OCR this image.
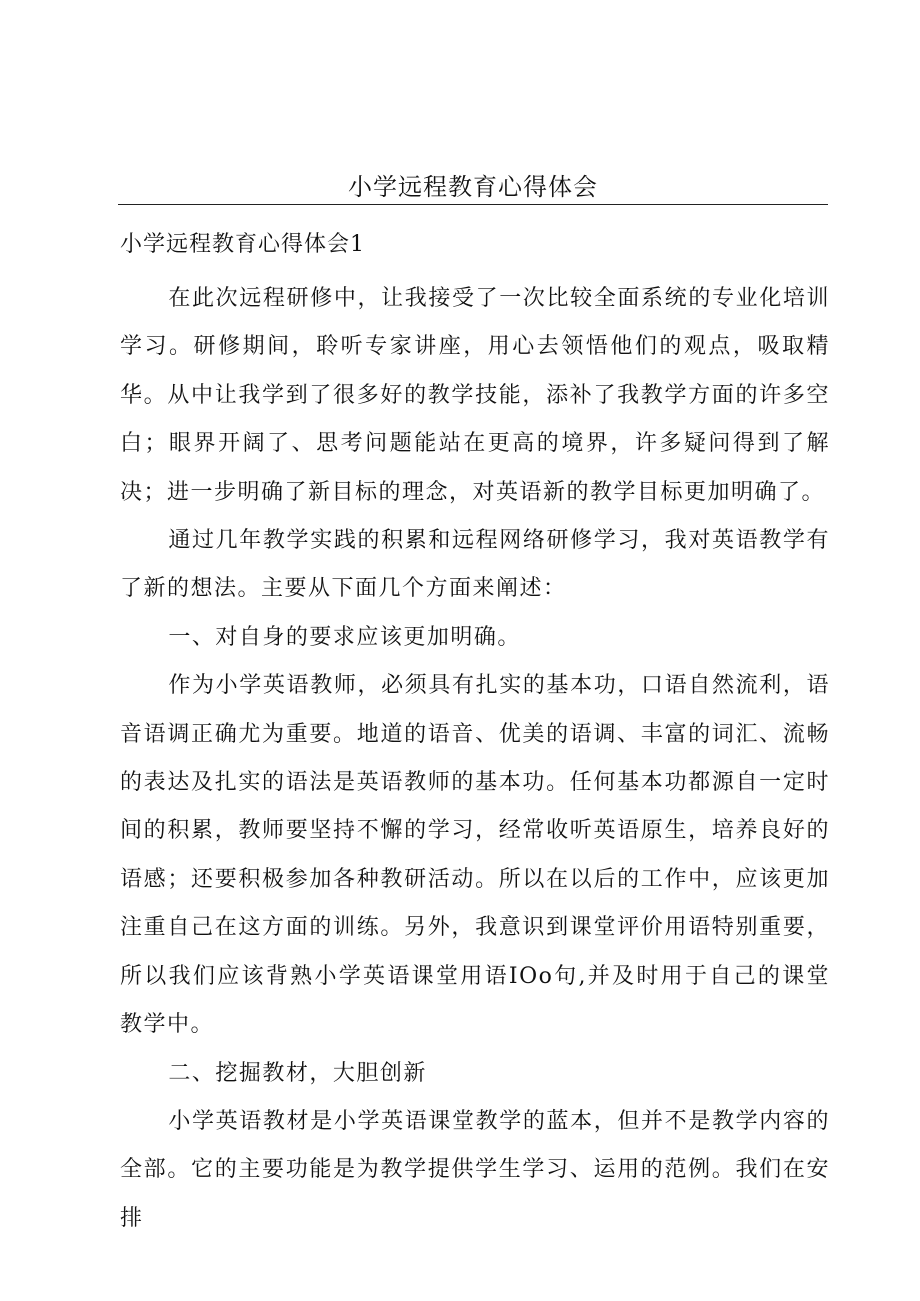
小学远程教育心得体会
小学远程教育心得体会1

在此次远程研修中，让我接受了一次比较全面系统的专业化培训学习。研修期间，聆听专家讲座，用心去领悟他们的观点，吸取精华。从中让我学到了很多好的教学技能，添补了我教学方面的许多空白；眼界开阔了、思考问题能站在更高的境界，许多疑问得到了解决；进一步明确了新目标的理念，对英语新的教学目标更加明确了。

通过几年教学实践的积累和远程网络研修学习，我对英语教学有了新的想法。主要从下面几个方面来阐述：

一、对自身的要求应该更加明确。

作为小学英语教师，必须具有扎实的基本功，口语自然流利，语音语调正确尤为重要。地道的语音、优美的语调、丰富的词汇、流畅的表达及扎实的语法是英语教师的基本功。任何基本功都源自一定时间的积累，教师要坚持不懈的学习，经常收听英语原生，培养良好的语感；还要积极参加各种教研活动。所以在以后的工作中，应该更加注重自己在这方面的训练。另外，我意识到课堂评价用语特别重要，所以我们应该背熟小学英语课堂用语IOo句,并及时用于自己的课堂教学中。

二、挖掘教材，大胆创新

小学英语教材是小学英语课堂教学的蓝本，但并不是教学内容的全部。它的主要功能是为教学提供学生学习、运用的范例。我们在安排
